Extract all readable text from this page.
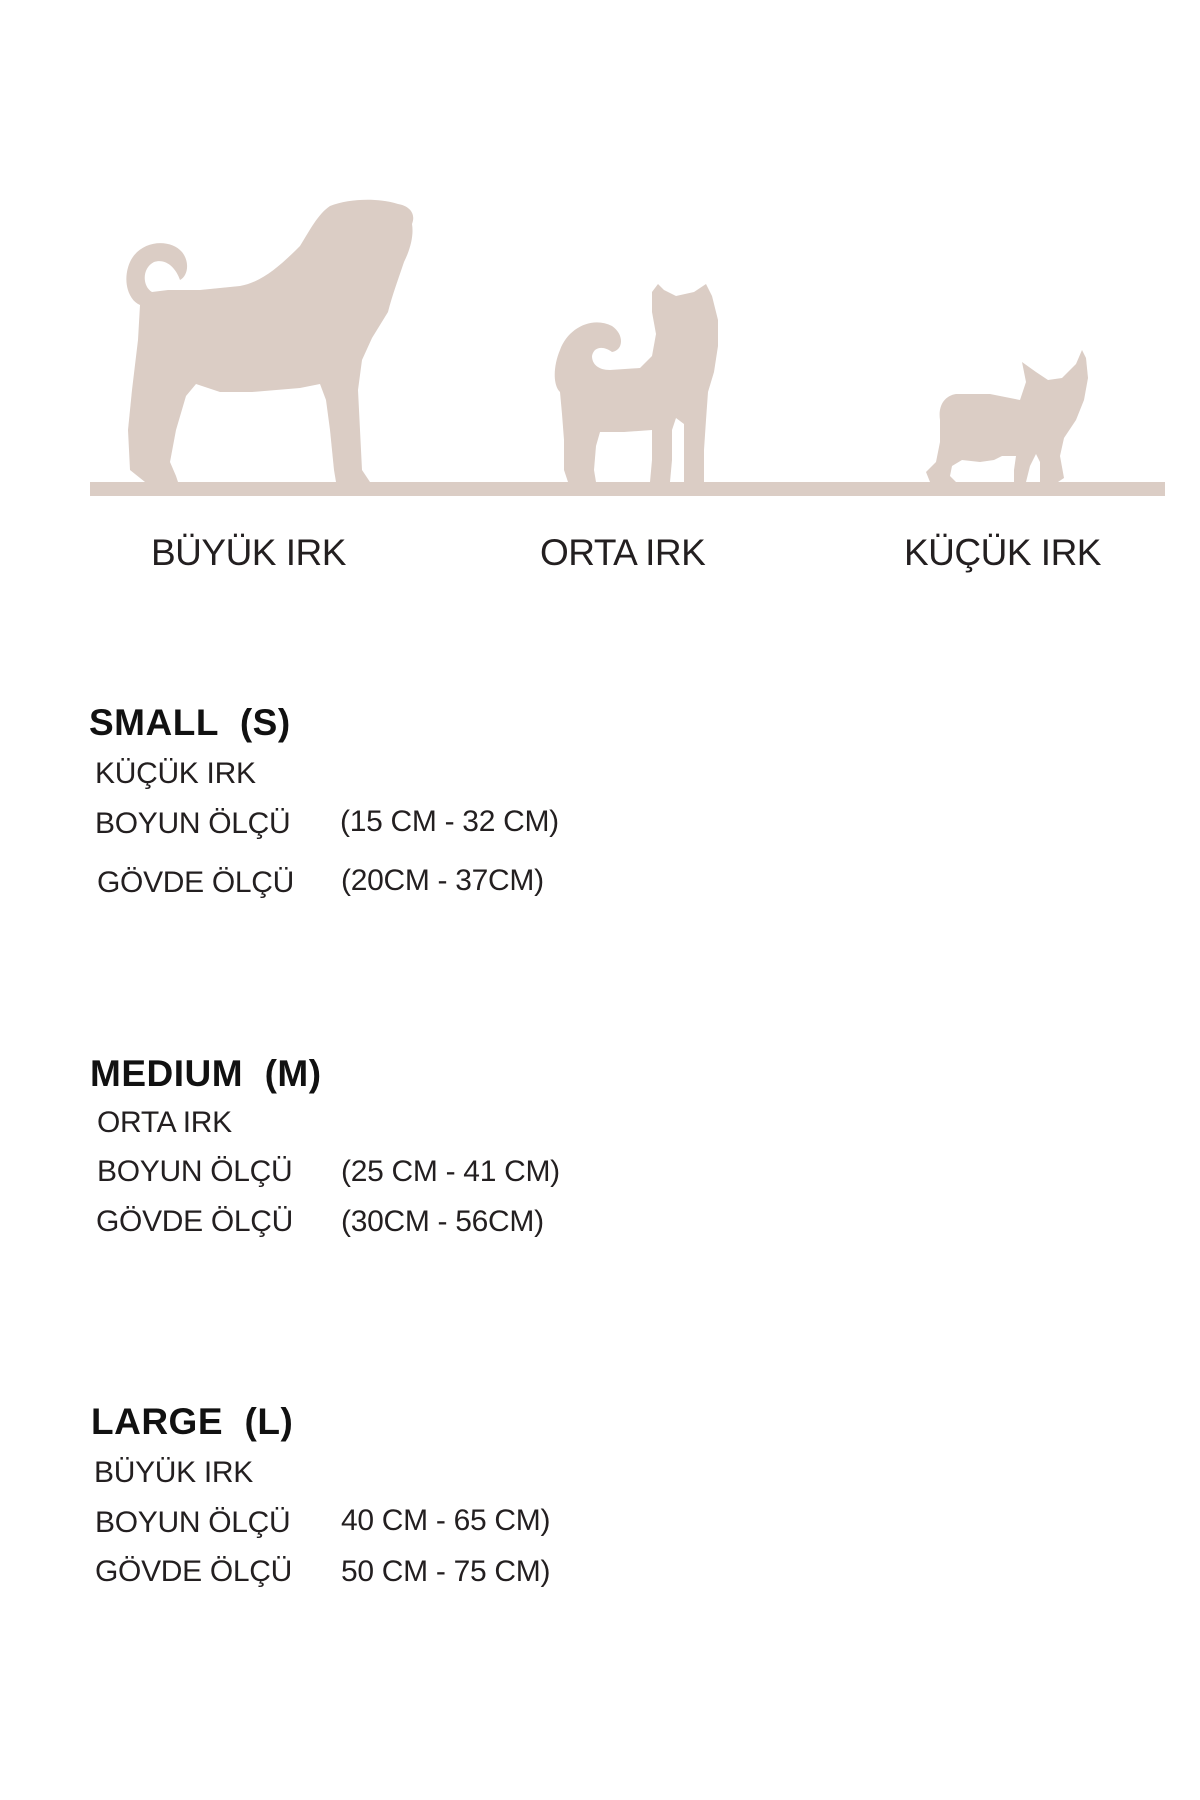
BÜYÜK IRK	ORTA IRK	KÜÇÜK IRK
SMALL  (S)
KÜÇÜK IRK
BOYUN ÖLÇÜ (15 CM - 32 CM)
GÖVDE ÖLÇÜ (20CM - 37CM)
MEDIUM  (M)
ORTA IRK
BOYUN ÖLÇÜ (25 CM - 41 CM)
GÖVDE ÖLÇÜ (30CM - 56CM)
LARGE  (L)
BÜYÜK IRK
BOYUN ÖLÇÜ 40 CM - 65 CM)
GÖVDE ÖLÇÜ 50 CM - 75 CM)
